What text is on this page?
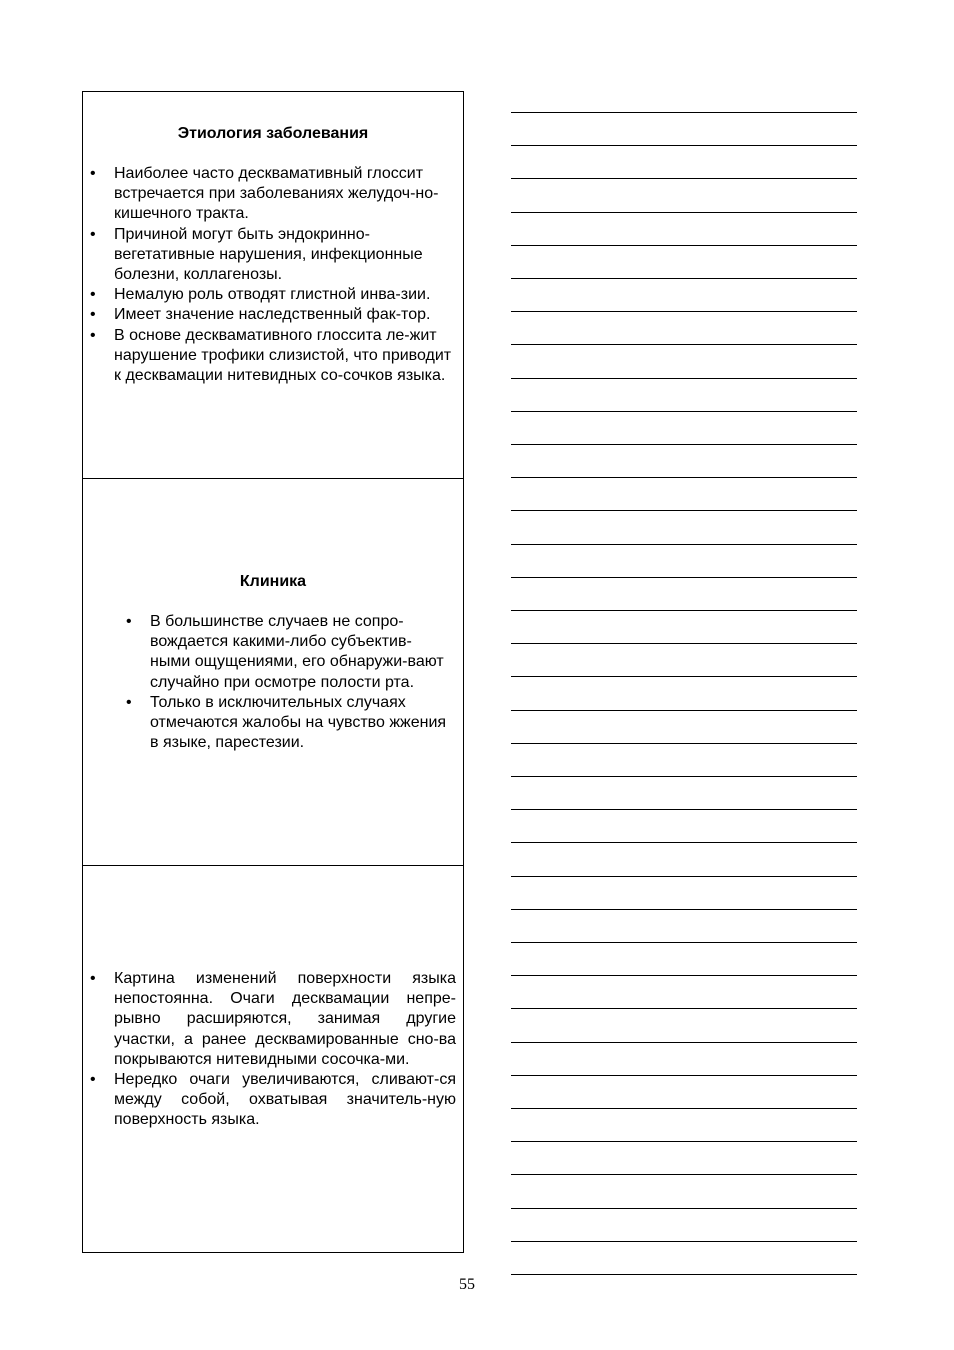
Этиология заболевания
• Наиболее часто десквамативный глоссит встречается при заболеваниях желудоч-но-кишечного тракта.
• Причиной могут быть эндокринно-вегетативные нарушения, инфекционные болезни, коллагенозы.
• Немалую роль отводят глистной инва-зии.
• Имеет значение наследственный фак-тор.
• В основе десквамативного глоссита ле-жит нарушение трофики слизистой, что приводит к десквамации нитевидных со-сочков языка.
Клиника
• В большинстве случаев не сопро-вождается какими-либо субъектив-ными ощущениями, его обнаружи-вают случайно при осмотре полости рта.
• Только в исключительных случаях отмечаются жалобы на чувство жжения в языке, парестезии.
• Картина изменений поверхности языка непостоянна. Очаги десквамации непре-рывно расширяются, занимая другие участки, а ранее десквамированные сно-ва покрываются нитевидными сосочка-ми.
• Нередко очаги увеличиваются, сливают-ся между собой, охватывая значитель-ную поверхность языка.
55
